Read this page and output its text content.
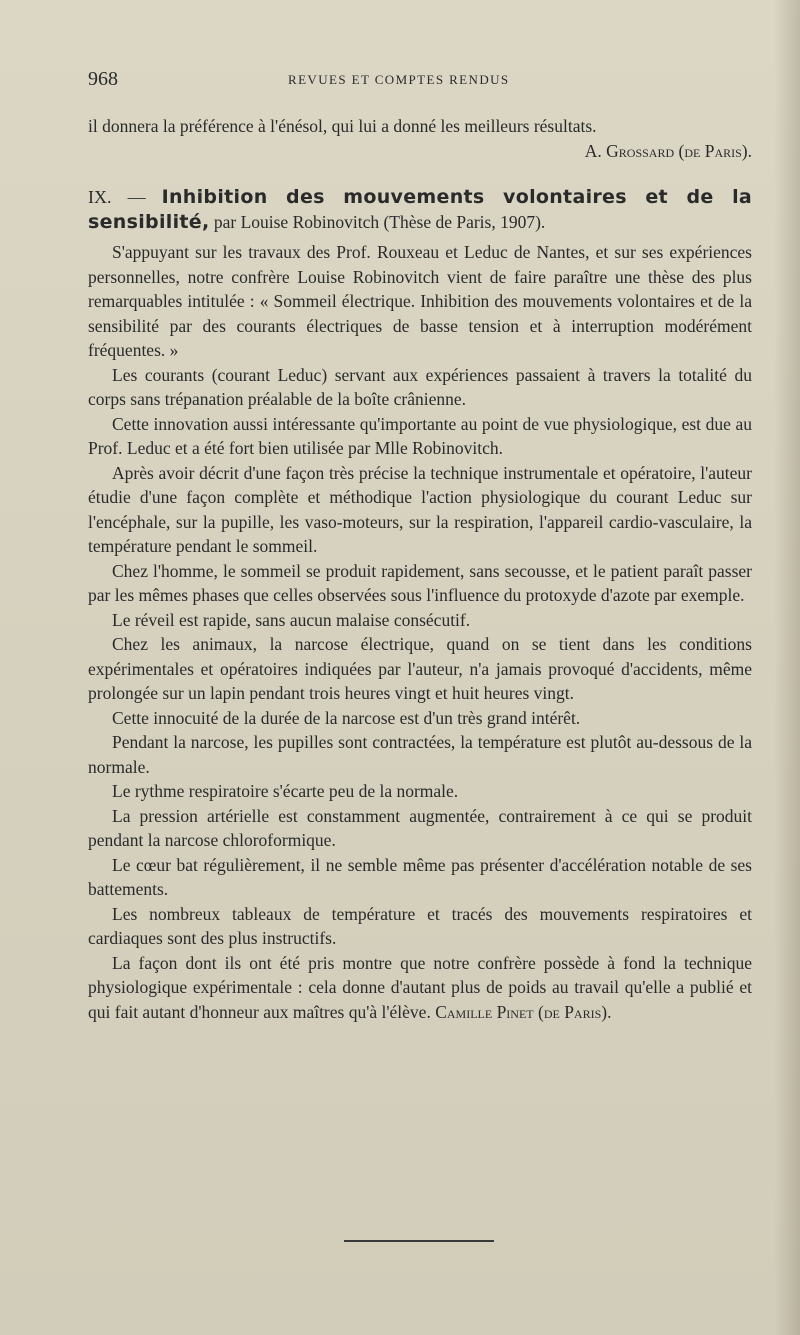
968	REVUES ET COMPTES RENDUS

il donnera la préférence à l'énésol, qui lui a donné les meilleurs résultats.

A. Grossard (de Paris).

IX. — Inhibition des mouvements volontaires et de la sensibilité, par Louise Robinovitch (Thèse de Paris, 1907).

S'appuyant sur les travaux des Prof. Rouxeau et Leduc de Nantes, et sur ses expériences personnelles, notre confrère Louise Robinovitch vient de faire paraître une thèse des plus remarquables intitulée : « Sommeil électrique. Inhibition des mouvements volontaires et de la sensibilité par des courants électriques de basse tension et à interruption modérément fréquentes. »

Les courants (courant Leduc) servant aux expériences passaient à travers la totalité du corps sans trépanation préalable de la boîte crânienne.

Cette innovation aussi intéressante qu'importante au point de vue physiologique, est due au Prof. Leduc et a été fort bien utilisée par Mlle Robinovitch.

Après avoir décrit d'une façon très précise la technique instrumentale et opératoire, l'auteur étudie d'une façon complète et méthodique l'action physiologique du courant Leduc sur l'encéphale, sur la pupille, les vaso-moteurs, sur la respiration, l'appareil cardio-vasculaire, la température pendant le sommeil.

Chez l'homme, le sommeil se produit rapidement, sans secousse, et le patient paraît passer par les mêmes phases que celles observées sous l'influence du protoxyde d'azote par exemple.

Le réveil est rapide, sans aucun malaise consécutif.

Chez les animaux, la narcose électrique, quand on se tient dans les conditions expérimentales et opératoires indiquées par l'auteur, n'a jamais provoqué d'accidents, même prolongée sur un lapin pendant trois heures vingt et huit heures vingt.

Cette innocuité de la durée de la narcose est d'un très grand intérêt.

Pendant la narcose, les pupilles sont contractées, la température est plutôt au-dessous de la normale.

Le rythme respiratoire s'écarte peu de la normale.

La pression artérielle est constamment augmentée, contrairement à ce qui se produit pendant la narcose chloroformique.

Le cœur bat régulièrement, il ne semble même pas présenter d'accélération notable de ses battements.

Les nombreux tableaux de température et tracés des mouvements respiratoires et cardiaques sont des plus instructifs.

La façon dont ils ont été pris montre que notre confrère possède à fond la technique physiologique expérimentale : cela donne d'autant plus de poids au travail qu'elle a publié et qui fait autant d'honneur aux maîtres qu'à l'élève. Camille Pinet (de Paris).
